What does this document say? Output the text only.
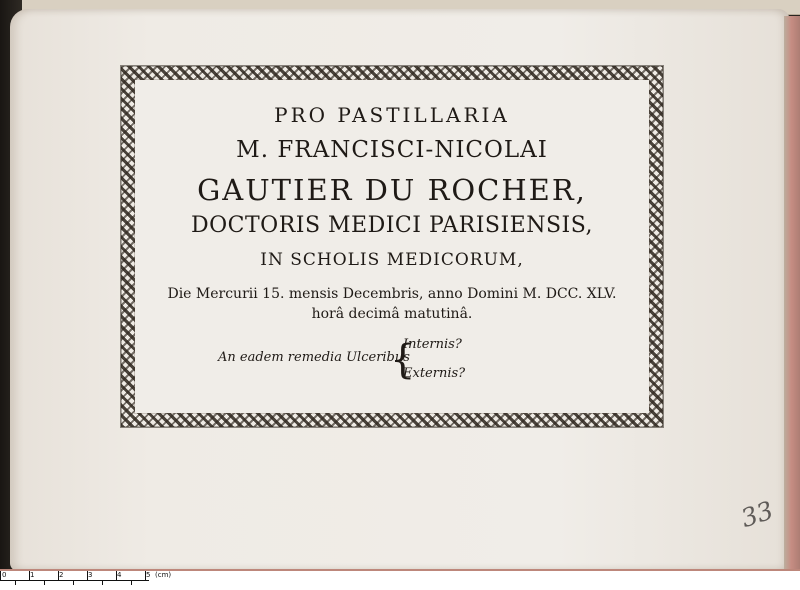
PRO PASTILLARIA
M. FRANCISCI-NICOLAI
GAUTIER DU ROCHER,
DOCTORIS MEDICI PARISIENSIS,
IN SCHOLIS MEDICORUM,
Die Mercurii 15. mensis Decembris, anno Domini M. DCC. XLV.
horâ decimâ matutinâ.
An eadem remedia Ulceribus
{
Internis?
Externis?
33
0	1	2	3	4	5 (cm)
